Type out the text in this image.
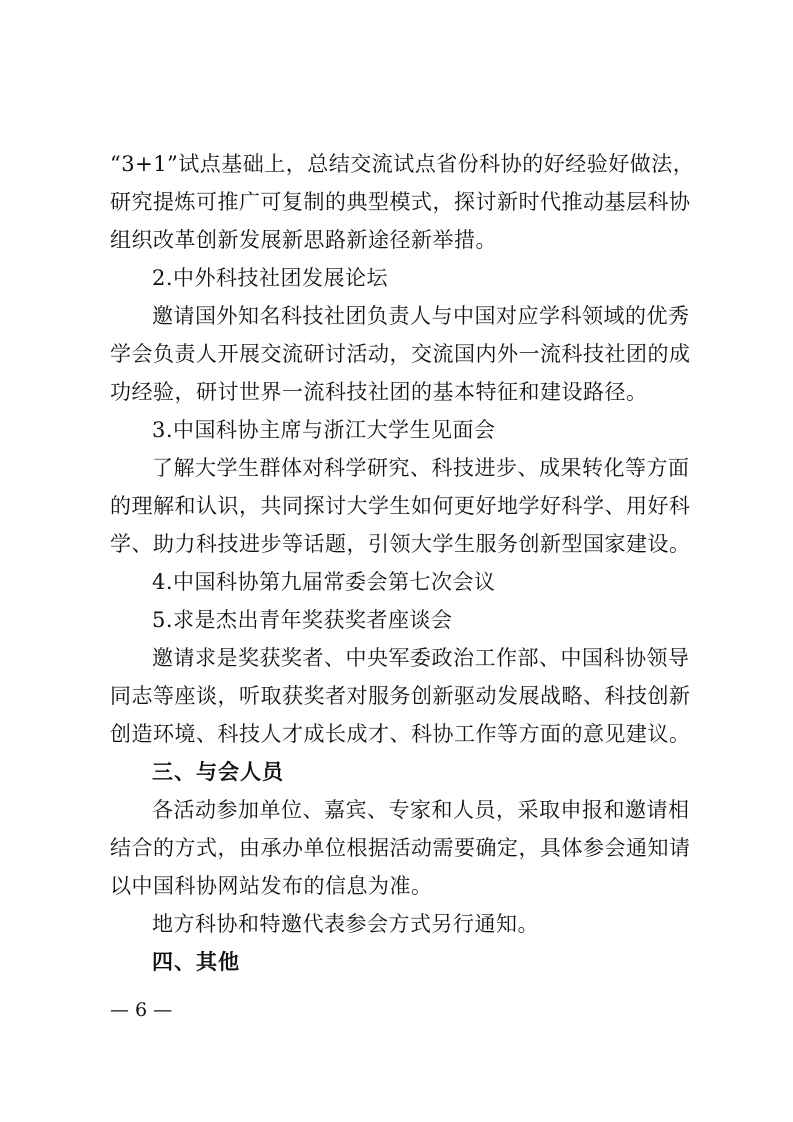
“3+1”试点基础上，总结交流试点省份科协的好经验好做法，
研究提炼可推广可复制的典型模式，探讨新时代推动基层科协
组织改革创新发展新思路新途径新举措。
2.中外科技社团发展论坛
邀请国外知名科技社团负责人与中国对应学科领域的优秀
学会负责人开展交流研讨活动，交流国内外一流科技社团的成
功经验，研讨世界一流科技社团的基本特征和建设路径。
3.中国科协主席与浙江大学生见面会
了解大学生群体对科学研究、科技进步、成果转化等方面
的理解和认识，共同探讨大学生如何更好地学好科学、用好科
学、助力科技进步等话题，引领大学生服务创新型国家建设。
4.中国科协第九届常委会第七次会议
5.求是杰出青年奖获奖者座谈会
邀请求是奖获奖者、中央军委政治工作部、中国科协领导
同志等座谈，听取获奖者对服务创新驱动发展战略、科技创新
创造环境、科技人才成长成才、科协工作等方面的意见建议。
三、与会人员
各活动参加单位、嘉宾、专家和人员，采取申报和邀请相
结合的方式，由承办单位根据活动需要确定，具体参会通知请
以中国科协网站发布的信息为准。
地方科协和特邀代表参会方式另行通知。
四、其他
— 6 —
